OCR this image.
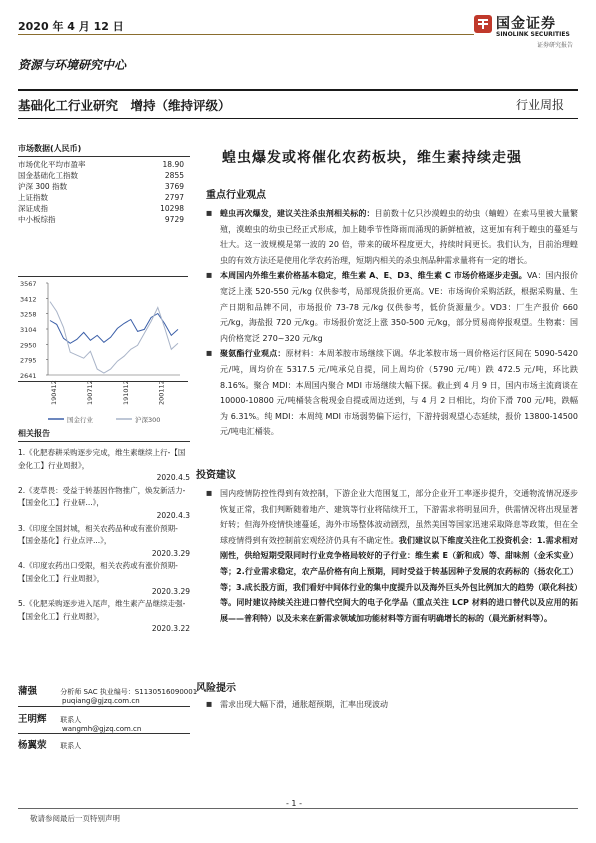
2020 年 4 月 12 日	国金证券
SINOLINK SECURITIES
证券研究报告
资源与环境研究中心
基础化工行业研究　增持（维持评级）	行业周报
市场数据(人民币)
市场优化平均市盈率	18.90
国金基础化工指数	2855
沪深 300 指数	3769
上证指数	2797
深证成指	10298
中小板综指	9729
3567
3412
3258
3104
2950
2795
2641
190412	190712	191012	200112
国金行业	沪深300
相关报告
1.《化肥春耕采购逐步完成，维生素继续上行-【国金化工】行业周报》，
2020.4.5
2.《麦草畏：受益于转基因作物推广，焕发新活力-【国金化工】行业研...》，
2020.4.3
3.《印度全国封城，相关农药品种或有涨价预期-【国金基化】行业点评...》，
2020.3.29
4.《印度农药出口受限，相关农药或有涨价预期-【国金化工】行业周报》，
2020.3.29
5.《化肥采购逐步进入尾声，维生素产品继续走强-【国金化工】行业周报》，
2020.3.22
蒲强	分析师 SAC 执业编号：S1130516090001
puqiang@gjzq.com.cn
王明辉 联系人
wangmh@gjzq.com.cn
杨翼荥 联系人
蝗虫爆发或将催化农药板块，维生素持续走强
重点行业观点

■ 蝗虫再次爆发，建议关注杀虫剂相关标的：目前数十亿只沙漠蝗虫的幼虫（蝻蝗）在索马里被大量繁殖，漠蝗虫的幼虫已经正式形成，加上随季节性降雨而涌现的新鲜植被，这更加有利于蝗虫的蔓延与壮大。这一波规模是第一波的 20 倍，带来的破坏程度更大，持续时间更长。我们认为，目前治理蝗虫的有效方法还是使用化学农药治理，短期内相关的杀虫剂品种需求量将有一定的增长。

■ 本周国内外维生素价格基本稳定，维生素 A、E、D3、维生素 C 市场价格逐步走强。VA：国内报价宽泛上涨 520-550 元/kg 仅供参考，局部现货报价更高。VE：市场询价采购活跃，根据采购量、生产日期和品牌不同，市场报价 73-78 元/kg 仅供参考，低价货源量少。VD3：厂生产报价 660 元/kg，海盐报 720 元/kg。市场报价宽泛上涨 350-500 元/kg，部分贸易商停报观望。生物素：国内价格宽泛 270~320 元/kg

■ 聚氨酯行业观点：原材料：本周苯胺市场继续下调。华北苯胺市场一周价格运行区间在 5090-5420 元/吨，周均价在 5317.5 元/吨承兑自提，同上周均价（5790 元/吨）跌 472.5 元/吨，环比跌 8.16%。聚合 MDI：本周国内聚合 MDI 市场继续大幅下探。截止到 4 月 9 日，国内市场主流商谈在 10000-10800 元/吨桶装含税现金自提或周边送到，与 4 月 2 日相比，均价下滑 700 元/吨，跌幅为 6.31%。纯 MDI：本周纯 MDI 市场弱势偏下运行，下游持弱观望心态延续，报价 13800-14500 元/吨电汇桶装。

投资建议

■ 国内疫情防控性得到有效控制，下游企业大范围复工，部分企业开工率逐步提升，交通物流情况逐步恢复正常，我们判断随着地产、建筑等行业将陆续开工，下游需求将明显回升，供需情况将出现显著好转；但海外疫情快速蔓延，海外市场整体波动剧烈，虽然美国等国家迅速采取降息等政策，但在全球疫情得到有效控制前宏观经济仍具有不确定性。我们建议以下维度关注化工投资机会：1.需求相对刚性，供给短期受限同时行业竞争格局较好的子行业：维生素 E（新和成）等、甜味剂（金禾实业）等；2.行业需求稳定，农产品价格有向上预期，同时受益于转基因种子发展的农药标的（扬农化工）等；3.成长股方面，我们看好中间体行业的集中度提升以及海外巨头外包比例加大的趋势（联化科技）等。同时建议持续关注进口替代空间大的电子化学品（重点关注 LCP 材料的进口替代以及应用的拓展——普利特）以及未来在新需求领域加功能材料等方面有明确增长的标的（晨光新材料等）。

风险提示

■ 需求出现大幅下滑，通胀超预期，汇率出现波动

- 1 -
敬请参阅最后一页特别声明
